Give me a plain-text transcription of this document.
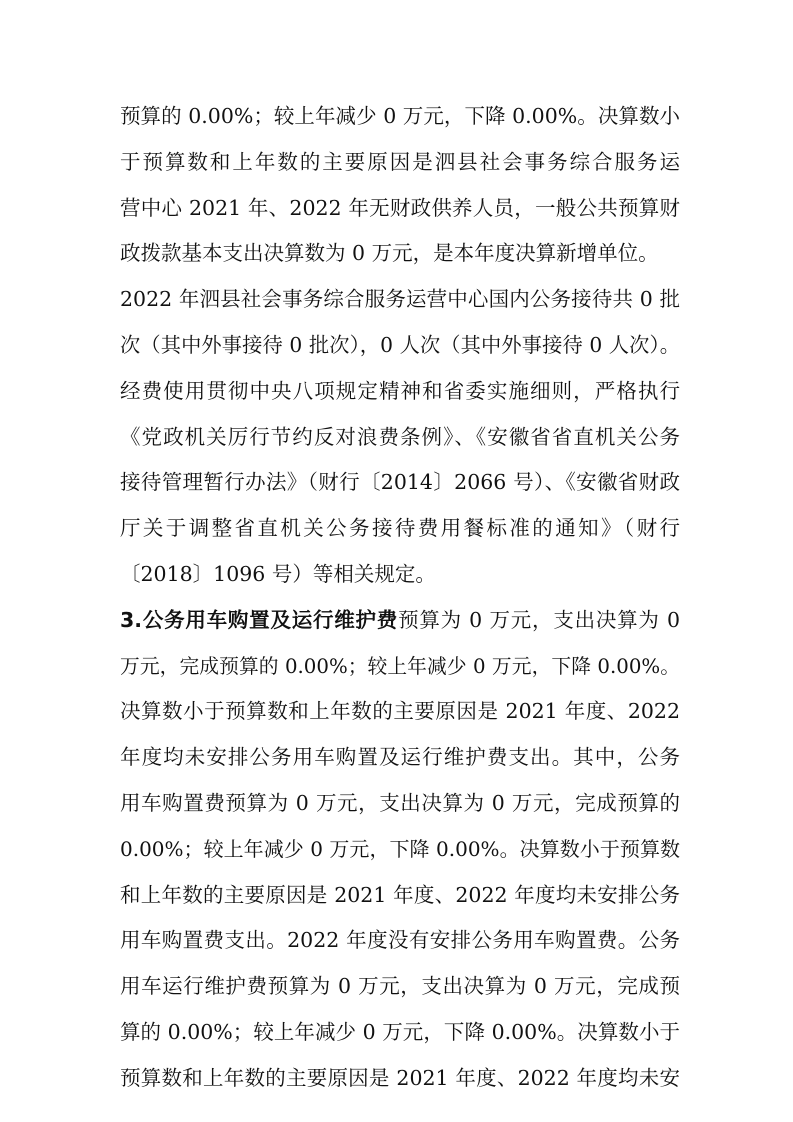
预算的 0.00%；较上年减少 0 万元，下降 0.00%。决算数小
于预算数和上年数的主要原因是泗县社会事务综合服务运
营中心 2021 年、2022 年无财政供养人员，一般公共预算财
政拨款基本支出决算数为 0 万元，是本年度决算新增单位。
2022 年泗县社会事务综合服务运营中心国内公务接待共 0 批
次（其中外事接待 0 批次），0 人次（其中外事接待 0 人次）。
经费使用贯彻中央八项规定精神和省委实施细则，严格执行
《党政机关厉行节约反对浪费条例》、《安徽省省直机关公务
接待管理暂行办法》（财行〔2014〕2066 号）、《安徽省财政
厅关于调整省直机关公务接待费用餐标准的通知》（财行
〔2018〕1096 号）等相关规定。
3.公务用车购置及运行维护费预算为 0 万元，支出决算为 0
万元，完成预算的 0.00%；较上年减少 0 万元，下降 0.00%。
决算数小于预算数和上年数的主要原因是 2021 年度、2022
年度均未安排公务用车购置及运行维护费支出。其中，公务
用车购置费预算为 0 万元，支出决算为 0 万元，完成预算的
0.00%；较上年减少 0 万元，下降 0.00%。决算数小于预算数
和上年数的主要原因是 2021 年度、2022 年度均未安排公务
用车购置费支出。2022 年度没有安排公务用车购置费。公务
用车运行维护费预算为 0 万元，支出决算为 0 万元，完成预
算的 0.00%；较上年减少 0 万元，下降 0.00%。决算数小于
预算数和上年数的主要原因是 2021 年度、2022 年度均未安
